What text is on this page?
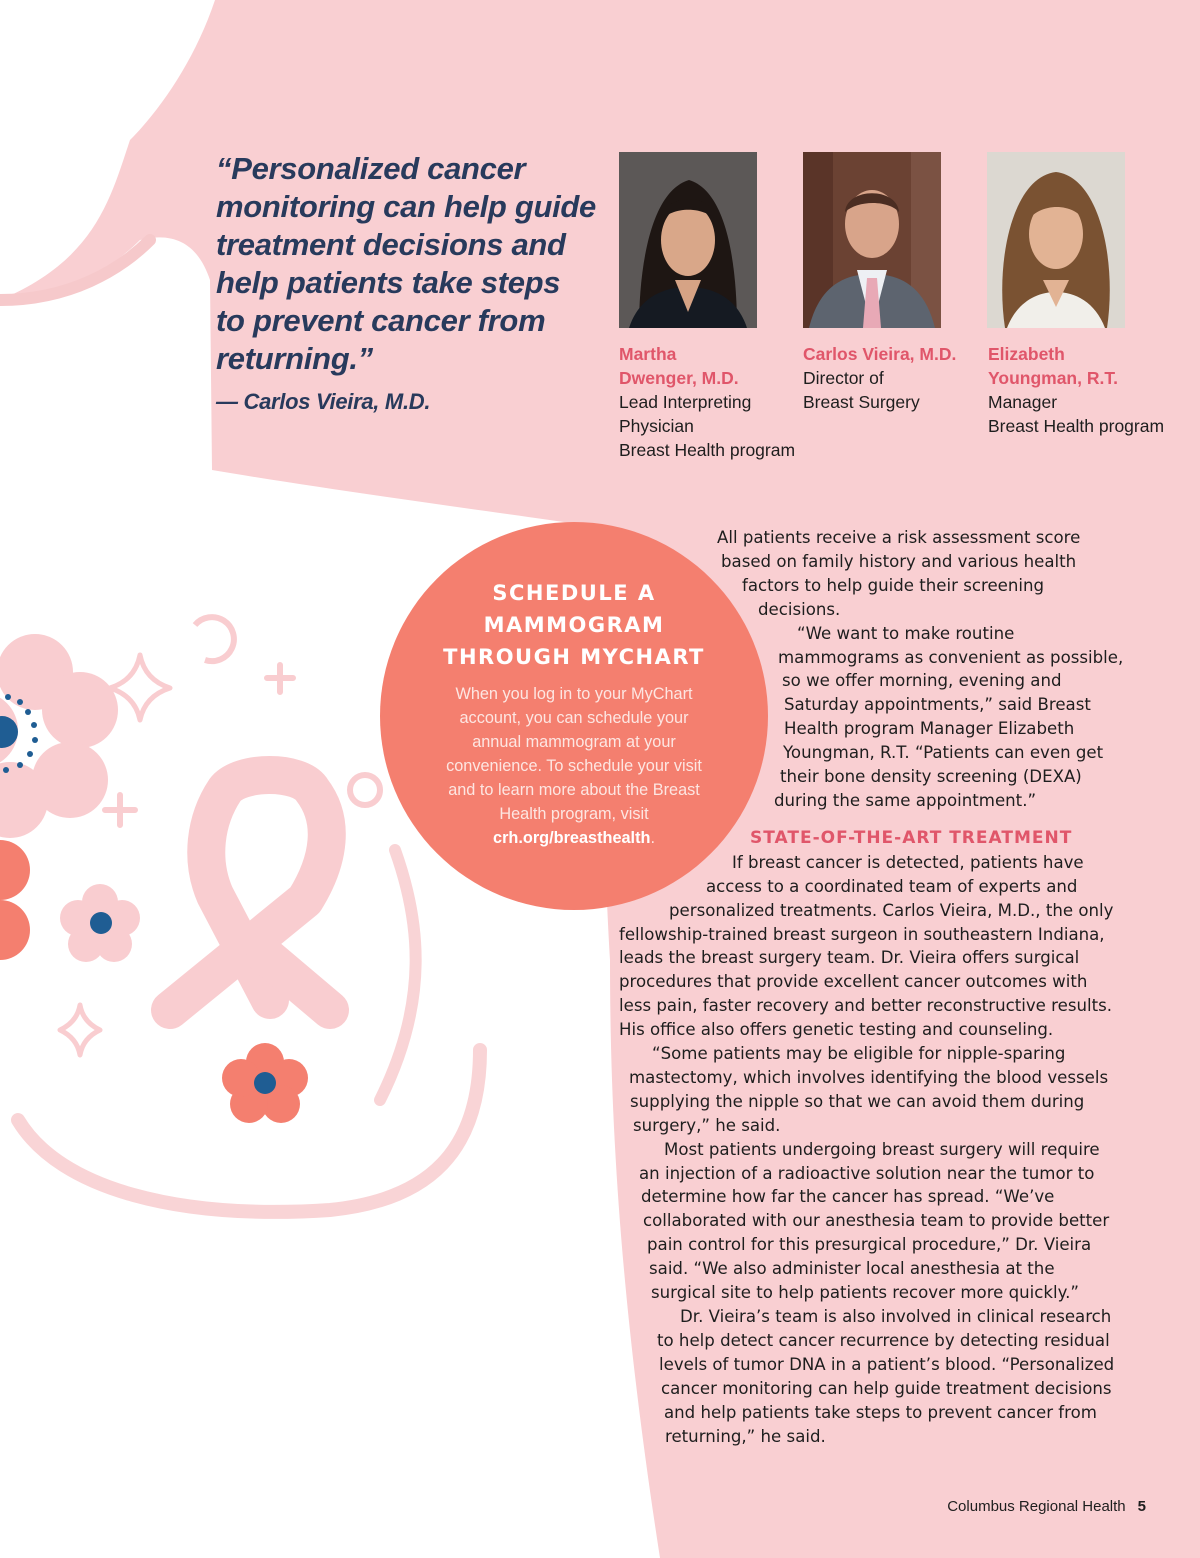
“Personalized cancer monitoring can help guide treatment decisions and help patients take steps to prevent cancer from returning.”

— Carlos Vieira, M.D.

Martha
Dwenger, M.D.
Lead Interpreting
Physician
Breast Health program
Carlos Vieira, M.D.
Director of
Breast Surgery
Elizabeth
Youngman, R.T.
Manager
Breast Health program
SCHEDULE A MAMMOGRAM THROUGH MYCHART
When you log in to your MyChart account, you can schedule your annual mammogram at your convenience. To schedule your visit and to learn more about the Breast Health program, visit crh.org/breasthealth.

All patients receive a risk assessment score
based on family history and various health
factors to help guide their screening
decisions.

“We want to make routine
mammograms as convenient as possible,
so we offer morning, evening and
Saturday appointments,” said Breast
Health program Manager Elizabeth
Youngman, R.T. “Patients can even get
their bone density screening (DEXA)
during the same appointment.”

STATE-OF-THE-ART TREATMENT

If breast cancer is detected, patients have
access to a coordinated team of experts and
personalized treatments. Carlos Vieira, M.D., the only
fellowship-trained breast surgeon in southeastern Indiana,
leads the breast surgery team. Dr. Vieira offers surgical
procedures that provide excellent cancer outcomes with
less pain, faster recovery and better reconstructive results.
His office also offers genetic testing and counseling.

“Some patients may be eligible for nipple-sparing
mastectomy, which involves identifying the blood vessels
supplying the nipple so that we can avoid them during
surgery,” he said.

Most patients undergoing breast surgery will require
an injection of a radioactive solution near the tumor to
determine how far the cancer has spread. “We’ve
collaborated with our anesthesia team to provide better
pain control for this presurgical procedure,” Dr. Vieira
said. “We also administer local anesthesia at the
surgical site to help patients recover more quickly.”

Dr. Vieira’s team is also involved in clinical research
to help detect cancer recurrence by detecting residual
levels of tumor DNA in a patient’s blood. “Personalized
cancer monitoring can help guide treatment decisions
and help patients take steps to prevent cancer from
returning,” he said.

Columbus Regional Health 5
